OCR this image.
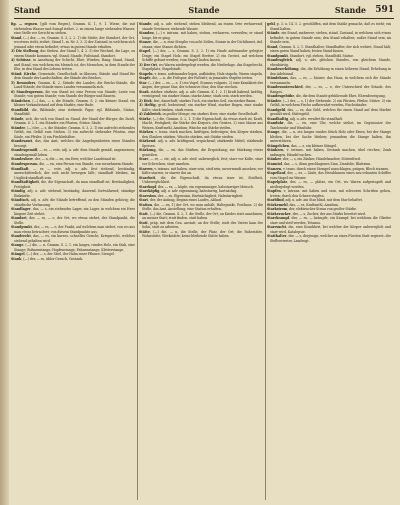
Stand	Stande	Stande 591

fig. — regnen, [gilt vom Regen], Gramm. K. 1, 9. 1. Wiese, die mit stehendem Wasser und Sumpf stehet. 2. zu einem lange stehenden Wasser, eine Stelle vor Gericht zu stehen.

Stand, (—) der, — es, Gramm. S. 3, 2. 2. 1) die Stätte, der Standort, der Ort, wo etwas steht, stehet; Stand 1, m. Nr. 3, 3. 2) der Zustand, in welchem sich jemand oder etwas befindet; etwas in gutem Stande erhalten.

3) Die Stellung, das Stehen, der Stand 1, 4. 2. 5) der Wechsel, die Lage, zu einem Stande kommen, vgl. Stand, Stande, Fußstand, Standort.

4) Schüsse, in Ansehung der Schicht, Ehre, Würden, Rang, Stand, Stand, und Stand, von welchem ein Mensch ist, des Menschen, in dem Stande der Ehe, in den Stand des Lebens treten.

Ständ. Kirche, Gemeinde, Gesellschaft, in Klassen, Stände und Stand für dem Stande der Landschaften, die Stände des Reiches.

5) Besonders, Gramm. K. 2, Stände des Landes; die Reichs-Stände, die Land-Stände; die Stände eines Landes versammeln sich.

6) Standesperson, die von Stand ist; eine Person von Stande; Leute von Stande; von gutem Stande; vom Stande der Bürger und Bauern.

Ständchen, (—) das, — s, die Stände, Gramm. S. 2. ein kleiner Stand, ein kleiner Verkaufsstand auf dem Markte, eine Bude.

Standbild, die, Bildsäule, eine stehende Figur, vgl. Bildsäule, Statue, Standbild.

Stände, sich, die sich von Stand zu Stand, der Stand der Bürger, die Zunft, Gramm. S. 2. 1. ein Ständer, ein Pfosten, Stütze, Säule.

Ständer, (—) der, — s, die Ständer, Gramm. S. 3, 2. 1) ein aufrecht stehendes Gefäß, ein Gefäß zum Stehen. 2) ein aufrecht stehender Pfosten, eine Säule, ein Pfeiler. 3) ein Fischbehälter.

Standesamt, das, das Amt, welches die Angelegenheiten eines Standes besorgt.

Standesgemäß, — er, — este, adj. u. adv. dem Stande gemäß, angemessen; standesgemäß leben.

Standesherr, der, — n, die — en, ein Herr, welcher Landstand ist.

Standesperson, die, — en, eine Person von Stande, von vornehmem Stande.

Standhaft, — er, — este, adj. u. adv. fest stehend, beständig, unerschütterlich, der sich nicht bewegen läßt; standhaft bleiben, im Unglück standhaft sein.

Standhaftigkeit, die, die Eigenschaft, da man standhaft ist, Beständigkeit, Festigkeit.

Ständig, adj. u. adv. stehend, beständig, dauernd, fortwährend; ständige Einkünfte.

Ständisch, adj. u. adv. die Stände betreffend, zu den Ständen gehörig; die ständische Verfassung.

Standlager, das, — s, ein stehendes Lager, ein Lager, in welchem ein Heer längere Zeit stehet.

Standort, der, — es, — e, der Ort, wo etwas stehet, der Standpunkt, die Stelle.

Standpunkt, der, — es, — e, der Punkt, auf welchem man stehet, von wo aus man etwas betrachtet; von diesem Standpunkte aus.

Standrecht, das, — es, ein kurzes, schnelles Gericht, Kriegsrecht, welches stehend gehalten wird.

Stange, (—) die, — n, Gramm. S. 2, 1. ein langes, rundes Holz, ein Stab, eine Stange; Bohnenstange, Hopfenstange, Fahnenstange, Kletterstange.

Stängel, (—) der, — s, der Stiel, der Halm einer Pflanze, Stengel.

Stank, (—) der, — es, übler Geruch, Gestank.

Stande, adj. u. adv. stehend, stehen bleibend, an einem Orte verharrend; stande Gewässer, stehende Wasser.

Standen, (—) v. intrans. mit haben, stehen, verharren, verweilen; er stand lange, bis er ging.

Stanze, die, — n, eine Strophe von acht Zeilen, Stanze in der Dichtkunst, ital. stanza; eine Stanze dichten.

Stapel, (—) der, — s, Gramm. S. 3, 2. 1) ein Haufe aufeinander gelegter Dinge; ein Stapel Holz, ein Stapel Bretter. 2) ein Gerüst, auf welchem Schiffe gebaut werden; vom Stapel laufen lassen.

3) Der Ort, wo Waren niedergelegt werden, die Niederlage, das Stapelrecht, Stapelplatz, Stapelstadt.

Stapeln, v. trans. aufeinander legen, aufhäufen; Holz stapeln, Waren stapeln.

Stapfe, die, — n, die Fußspur, der Fußtritt; in jemandes Stapfen treten.

Star, (—) der, — es, — e, 1) ein Vogel, Sturnus vulgaris. 2) eine Krankheit der Augen; der graue Star, der schwarze Star; den Star stechen.

Stark, stärker, stärkste, adj. u. adv. Gramm. K. 1, 2. 1) Kraft habend, kräftig, vermögend; ein starker Mann, starke Arme; stark sein, stark werden.

2) Dick, fest, dauerhaft; starkes Tuch, ein starkes Seil, ein starker Baum.

3) Heftig, groß, bedeutend; ein starker Wind, starker Regen, eine starke Kälte; stark trinken, stark essen.

4) Zahlreich, in großer Menge; ein starkes Heer, eine starke Gesellschaft.

Stärke, (—) die, Gramm. S. 2, 1. 1) die Eigenschaft, da etwas stark ist, Kraft, Macht, Festigkeit; die Stärke des Körpers, des Geistes. 2) eine Masse aus Weizen, Kraftmehl, Amidum; Wäsche mit Stärke steifen.

Stärken, v. trans. stark machen, kräftigen, befestigen; den Körper stärken, den Glauben stärken; Wäsche stärken, mit Stärke steifen.

Stärkend, adj. u. adv. kräftigend, erquickend; stärkende Mittel, stärkende Speisen.

Stärkung, die, — en, das Stärken, die Erquickung; zur Stärkung etwas genießen.

Starr, — er, — ste, adj. u. adv. steif, unbeweglich, fest; starr vor Kälte, starr vor Schrecken; starr ansehen.

Starren, v. intrans. mit haben, starr sein, steif sein; unverwandt ansehen; vor Kälte starren; er starrte ihn an.

Starrheit, die, die Eigenschaft, da etwas starr ist, Steifheit, Unbeweglichkeit.

Starrkopf, der, — es, — köpfe, ein eigensinniger, halsstarriger Mensch.

Starrköpfig, adj. u. adv. eigensinnig, halsstarrig, hartnäckig.

Starrsinn, der, — es, Eigensinn, Hartnäckigkeit, Halsstarrigkeit.

Start, der, der Anfang, Beginn eines Laufes, Ablauf.

Station, die, — en, 1) der Ort, wo man anhält, Haltepunkt, Posthaus. 2) die Stelle, das Amt, Anstellung; eine Station erhalten.

Statt, (—) die, Gramm. S. 2, 1. die Stelle, der Ort; an Kindes statt annehmen; an meiner Statt; statt finden, statt haben.

Statt, präp. mit dem Gen. anstatt, an der Stelle; statt des Vaters kam der Sohn; statt zu arbeiten.

Stätte, (—) die, — n, die Stelle, der Platz, der Ort; die Ruhestätte, Wohnstätte, Werkstätte; keine bleibende Stätte haben.

gehl, p. 3. u. 14. 5. 2. geschliffen, mit dem Stahle gemacht, daß es steht; ein Stand halten.

Stände, ein Stand, mehrerer; stehen, ständ. Zustand, in welchem sich etwas befindet; in gutem Stande sein; den Stand erhalten; außer Stand sein, im Stande sein.

Stand, Gramm. S. 2, 1. Standhalter, Standhafter, der sich wehret, Stand hält; einen guten Stand haben; festen Stand fassen.

Standpunkt, Standort, vgl. stehen, Standbild, Statue.

Standesgleich, adj. u. adv. gleichen Standes, von gleichem Stande, ebenbürtig.

Standeserhöhung, die, die Erhöhung in einen höheren Stand, Erhebung in den Adelstand.

Ständehaus, das, — es, — häuser, das Haus, in welchem sich die Stände versammeln.

Standesunterschied, der, — es, — e, der Unterschied der Stände, des Ranges.

Standesgebühr, die, die dem Stande gebührende Ehre, Ehrenbezeigung.

Ständer, (—) der, — s, 1) der Stehende. 2) ein Pfosten, Pfeiler, Stütze. 3) ein Gefäß, in welchem Fische aufbewahrt werden, Fischständer.

Standgeld, das, — es, das Geld, welches für einen Stand auf dem Markte gezahlt wird, Stättegeld.

Standhaftig, adj. u. adv. veraltet für standhaft.

Standuhr, die, — en, eine Uhr, welche stehet, im Gegensatze der Taschenuhr und Wanduhr.

Stange, die, — n, ein langes rundes Stück Holz oder Eisen; bei der Stange bleiben, bei der Sache bleiben; jemandem die Stange halten, ihn unterstützen.

Stängelchen, das, — s, ein kleiner Stängel.

Stänkern, v. intrans. mit haben, Gestank machen, übel riechen; Zank anfangen, Händel suchen.

Stänker, der, — s, ein Zänker, Händelmacher, Störenfried.

Stanniol, das, — s, dünn geschlagenes Zinn, Zinnfolie, Blattzinn.

Stanzen, v. trans. durch einen Stempel ausschlagen, prägen; Blech stanzen.

Stapellauf, der, — es, — läufe, das Herablassen eines neu erbauten Schiffes vom Stapel ins Wasser.

Stapelplatz, der, — es, — plätze, ein Ort, wo Waren aufgestapelt und niedergelegt werden.

Stapfen, v. intrans. mit haben und sein, mit schweren Schritten gehen, treten; durch den Schnee stapfen.

Starblind, adj. u. adv. am Star blind, mit dem Star behaftet.

Stärkemehl, das, — es, Kraftmehl, Amidum.

Starkstrom, der, elektrischer Strom von großer Stärke.

Stärkezucker, der, — s, Zucker, der aus Stärke bereitet wird.

Starrkrampf, der, — es, — krämpfe, ein Krampf, bei welchem die Glieder starr und steif werden, Tetanus.

Starrsucht, die, eine Krankheit, bei welcher der Körper unbeweglich und starr wird, Katalepsie.

Statthalter, der, — s, derjenige, welcher an eines Fürsten Statt regieret, der Stellvertreter, Landvogt.
